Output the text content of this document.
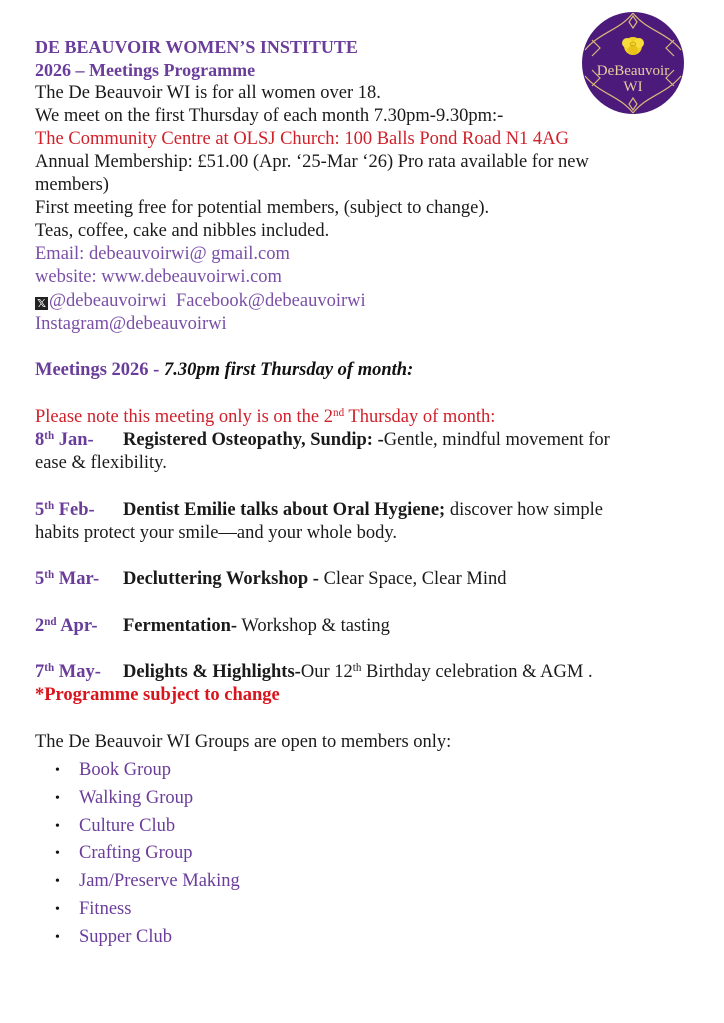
DeBeauvoir
WI
DE BEAUVOIR WOMEN’S INSTITUTE
2026 – Meetings Programme
The De Beauvoir WI is for all women over 18.
We meet on the first Thursday of each month 7.30pm-9.30pm:-
The Community Centre at OLSJ Church: 100 Balls Pond Road N1 4AG
Annual Membership: £51.00 (Apr. ‘25-Mar ‘26) Pro rata available for new
members)
First meeting free for potential members, (subject to change).
Teas, coffee, cake and nibbles included.
Email: debeauvoirwi@ gmail.com
website: www.debeauvoirwi.com
𝕏 @debeauvoirwi Facebook@debeauvoirwi
Instagram@debeauvoirwi
Meetings 2026 - 7.30pm first Thursday of month:
Please note this meeting only is on the 2nd Thursday of month:
8th Jan- Registered Osteopathy, Sundip: -Gentle, mindful movement for
ease & flexibility.
5th Feb- Dentist Emilie talks about Oral Hygiene; discover how simple
habits protect your smile—and your whole body.
5th Mar- Decluttering Workshop - Clear Space, Clear Mind
2nd Apr- Fermentation- Workshop & tasting
7th May- Delights & Highlights-Our 12th Birthday celebration & AGM .
*Programme subject to change
The De Beauvoir WI Groups are open to members only:
• Book Group
• Walking Group
• Culture Club
• Crafting Group
• Jam/Preserve Making
• Fitness
• Supper Club
